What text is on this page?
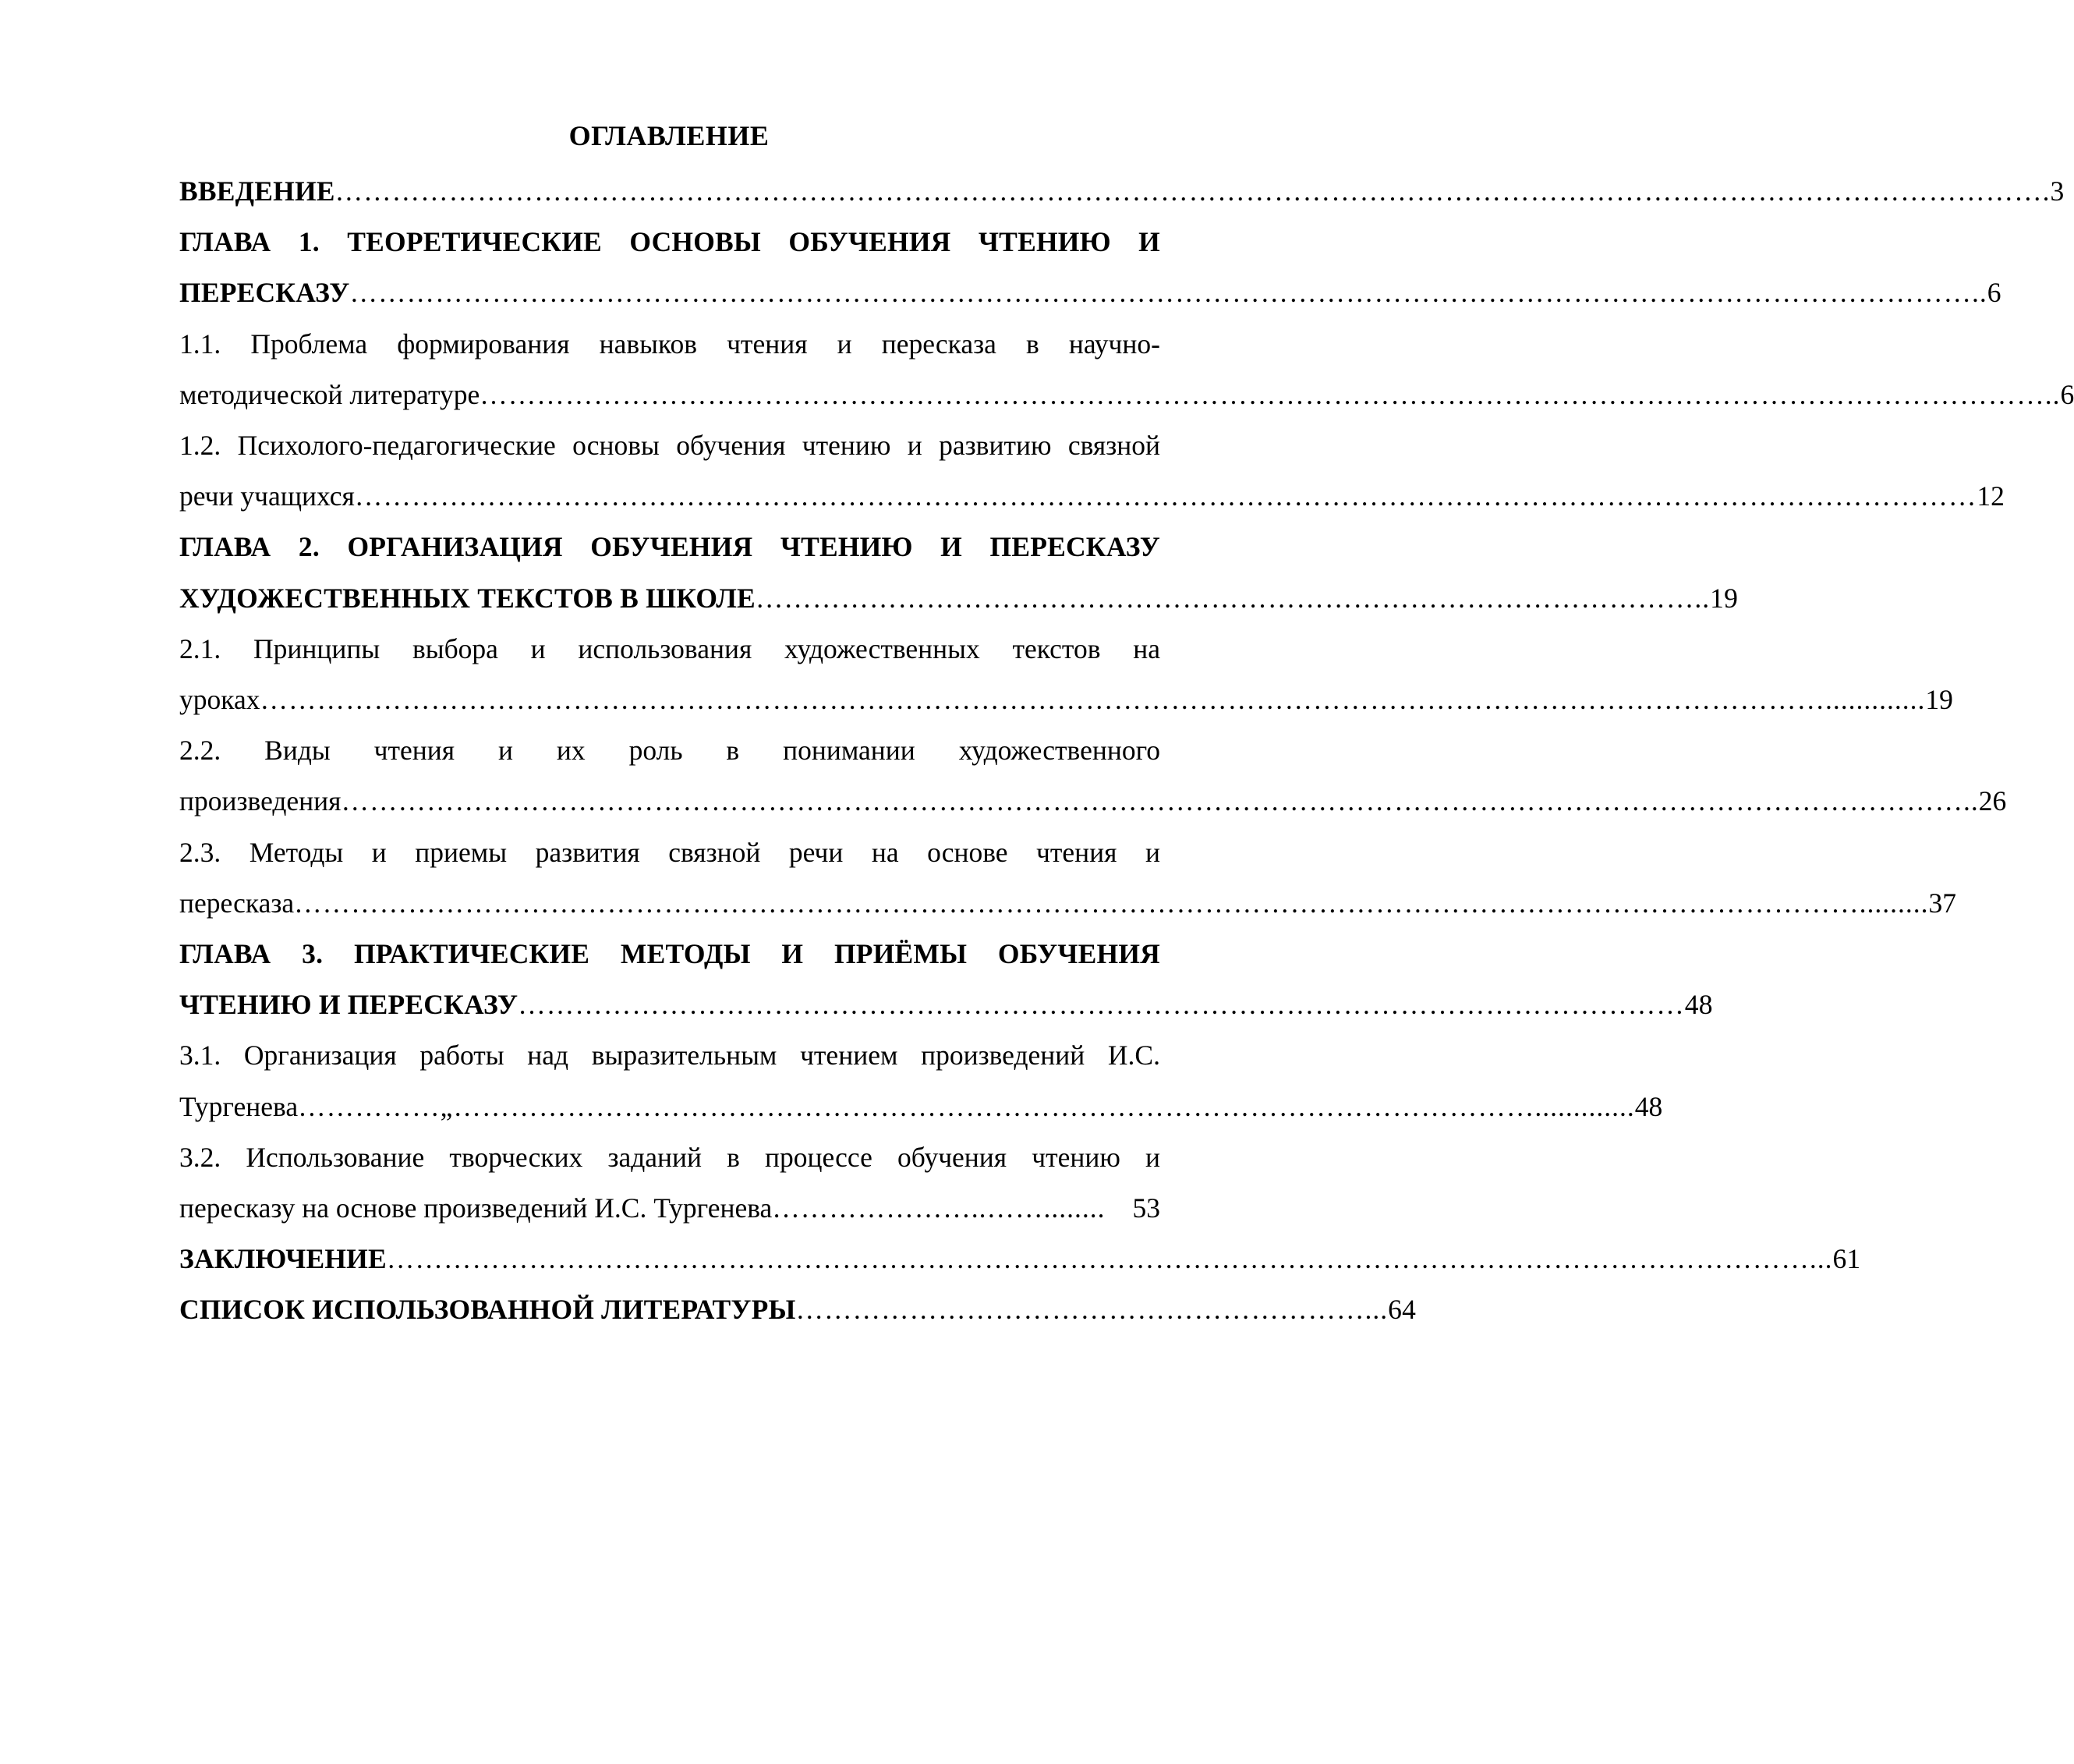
ОГЛАВЛЕНИЕ
ВВЕДЕНИЕ ………………………………………………………………………………………………………………………………………………………………. 3
ГЛАВА 1. ТЕОРЕТИЧЕСКИЕ ОСНОВЫ ОБУЧЕНИЯ ЧТЕНИЮ И
ПЕРЕСКАЗУ ……………………………………………………………………………………………………………………………………………………….. 6
1.1. Проблема формирования навыков чтения и пересказа в научно-
методической литературе ………………………………………………………………………………………………………………………………………………….. 6
1.2. Психолого-педагогические основы обучения чтению и развитию связной
речи учащихся ……………………………………………………………………………………………………………………………………………………… 12
ГЛАВА 2. ОРГАНИЗАЦИЯ ОБУЧЕНИЯ ЧТЕНИЮ И ПЕРЕСКАЗУ
ХУДОЖЕСТВЕННЫХ ТЕКСТОВ В ШКОЛЕ ……………………………………………………………………………………….. 19
2.1. Принципы выбора и использования художественных текстов на
уроках …………………………………………………………………………………………………………………………………………………............. 19
2.2. Виды чтения и их роль в понимании художественного
произведения ……………………………………………………………………………………………………………………………………………………….. 26
2.3. Методы и приемы развития связной речи на основе чтения и
пересказа …………………………………………………………………………………………………………………………………………………......... 37
ГЛАВА 3. ПРАКТИЧЕСКИЕ МЕТОДЫ И ПРИЁМЫ ОБУЧЕНИЯ
ЧТЕНИЮ И ПЕРЕСКАЗУ …………………………………………………………………………………………………………… 48
3.1. Организация работы над выразительным чтением произведений И.С.
Тургенева ……………„……………………………………………………………………………………………………............. 48
3.2. Использование творческих заданий в процессе обучения чтению и
пересказу на основе произведений И.С. Тургенева …………………..……........ 53
ЗАКЛЮЧЕНИЕ ……………………………………………………………………………………………………………………………………... 61
СПИСОК ИСПОЛЬЗОВАННОЙ ЛИТЕРАТУРЫ ……………………………………………………... 64
